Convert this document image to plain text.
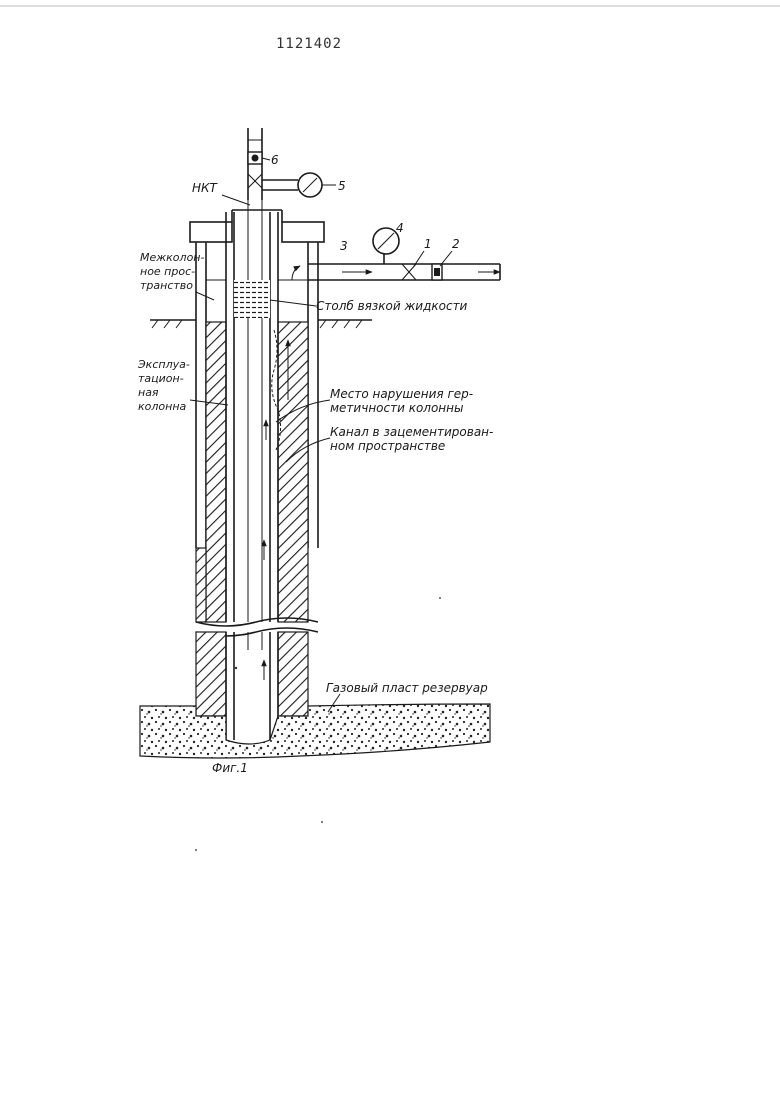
1121402
6
5
НКТ
3
4
1 2
Межколон-
ное прос-
транство
Столб вязкой жидкости
Эксплуа-
тацион-
ная
колонна
Место нарушения гер-
метичности колонны
Канал в зацементирован-
ном пространстве
Газовый пласт резервуар
Фиг.1
